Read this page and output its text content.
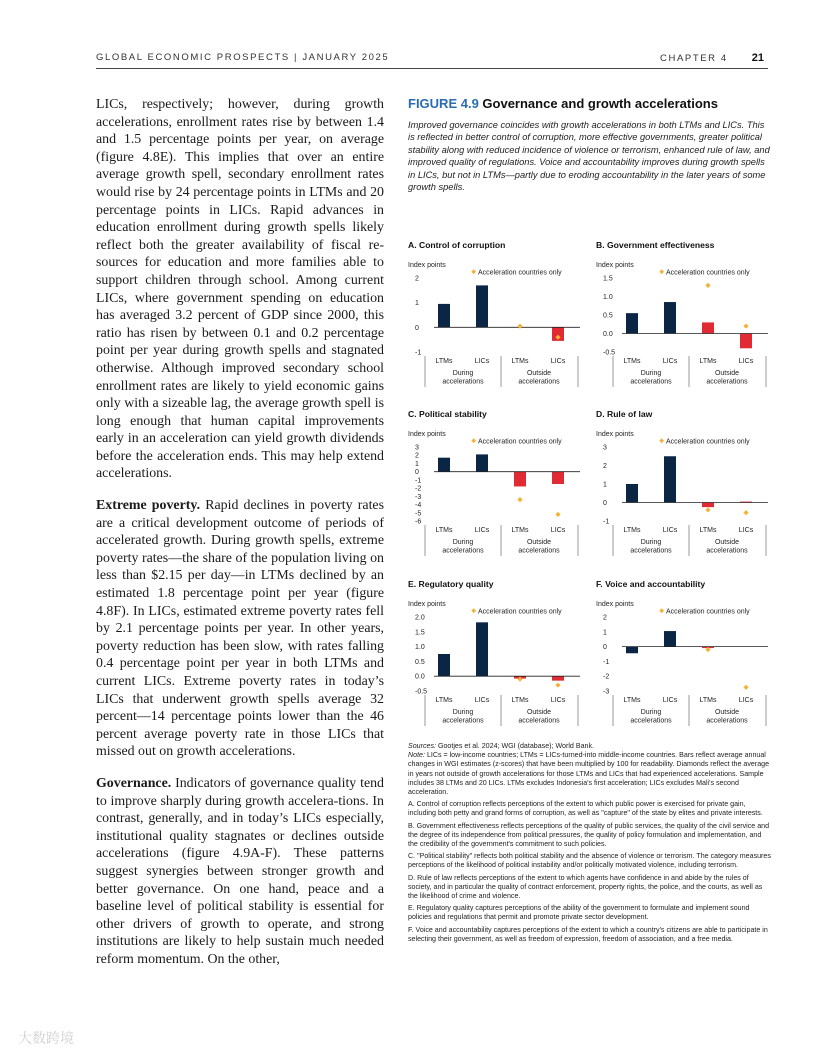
GLOBAL ECONOMIC PROSPECTS | JANUARY 2025	CHAPTER 4 21

LICs, respectively; however, during growth accelerations, enrollment rates rise by between 1.4 and 1.5 percentage points per year, on average (figure 4.8E). This implies that over an entire average growth spell, secondary enrollment rates would rise by 24 percentage points in LTMs and 20 percentage points in LICs. Rapid advances in education enrollment during growth spells likely reflect both the greater availability of fiscal re-sources for education and more families able to support children through school. Among current LICs, where government spending on education has averaged 3.2 percent of GDP since 2000, this ratio has risen by between 0.1 and 0.2 percentage point per year during growth spells and stagnated otherwise. Although improved secondary school enrollment rates are likely to yield economic gains only with a sizeable lag, the average growth spell is long enough that human capital improvements early in an acceleration can yield growth dividends before the acceleration ends. This may help extend accelerations.

Extreme poverty. Rapid declines in poverty rates are a critical development outcome of periods of accelerated growth. During growth spells, extreme poverty rates—the share of the population living on less than $2.15 per day—in LTMs declined by an estimated 1.8 percentage point per year (figure 4.8F). In LICs, estimated extreme poverty rates fell by 2.1 percentage points per year. In other years, poverty reduction has been slow, with rates falling 0.4 percentage point per year in both LTMs and current LICs. Extreme poverty rates in today’s LICs that underwent growth spells average 32 percent—14 percentage points lower than the 46 percent average poverty rate in those LICs that missed out on growth accelerations.

Governance. Indicators of governance quality tend to improve sharply during growth accelera-tions. In contrast, generally, and in today’s LICs especially, institutional quality stagnates or declines outside accelerations (figure 4.9A-F). These patterns suggest synergies between stronger growth and better governance. On one hand, peace and a baseline level of political stability is essential for other drivers of growth to operate, and strong institutions are likely to help sustain much needed reform momentum. On the other,

FIGURE 4.9 Governance and growth accelerations
Improved governance coincides with growth accelerations in both LTMs and LICs. This is reflected in better control of corruption, more effective governments, greater political stability along with reduced incidence of violence or terrorism, enhanced rule of law, and improved quality of regulations. Voice and accountability improves during growth spells in LICs, but not in LTMs—partly due to eroding accountability in the later years of some growth spells.
A. Control of corruption
Index points
-1
0
1
2
Acceleration countries only
LTMs	LICs	LTMs	LICs
During accelerations
Outside accelerations
B. Government effectiveness
Index points
-0.5
0.0
0.5
1.0
1.5
Acceleration countries only
LTMs	LICs	LTMs	LICs
During accelerations
Outside accelerations
C. Political stability
Index points
-6
-5
-4
-3
-2
-1
0
1
2
3
Acceleration countries only
LTMs	LICs	LTMs	LICs
During accelerations
Outside accelerations
D. Rule of law
Index points
-1
0
1
2
3
Acceleration countries only
LTMs	LICs	LTMs	LICs
During accelerations
Outside accelerations
E. Regulatory quality
Index points
-0.5
0.0
0.5
1.0
1.5
2.0
Acceleration countries only
LTMs	LICs	LTMs	LICs
During accelerations
Outside accelerations
F. Voice and accountability
Index points
-3
-2
-1
0
1
2
Acceleration countries only
LTMs	LICs	LTMs	LICs
During accelerations
Outside accelerations

Sources: Gootjes et al. 2024; WGI (database); World Bank.

Note: LICs = low-income countries; LTMs = LICs-turned-into middle-income countries. Bars reflect average annual changes in WGI estimates (z-scores) that have been multiplied by 100 for readability. Diamonds reflect the average in years not outside of growth accelerations for those LTMs and LICs that had experienced accelerations. Sample includes 38 LTMs and 20 LICs. LTMs excludes Indonesia's first acceleration; LICs excludes Mali's second acceleration.

A. Control of corruption reflects perceptions of the extent to which public power is exercised for private gain, including both petty and grand forms of corruption, as well as "capture" of the state by elites and private interests.

B. Government effectiveness reflects perceptions of the quality of public services, the quality of the civil service and the degree of its independence from political pressures, the quality of policy formulation and implementation, and the credibility of the government's commitment to such policies.

C. "Political stability" reflects both political stability and the absence of violence or terrorism. The category measures perceptions of the likelihood of political instability and/or politically motivated violence, including terrorism.

D. Rule of law reflects perceptions of the extent to which agents have confidence in and abide by the rules of society, and in particular the quality of contract enforcement, property rights, the police, and the courts, as well as the likelihood of crime and violence.

E. Regulatory quality captures perceptions of the ability of the government to formulate and implement sound policies and regulations that permit and promote private sector development.

F. Voice and accountability captures perceptions of the extent to which a country's citizens are able to participate in selecting their government, as well as freedom of expression, freedom of association, and a free media.

大数跨境
